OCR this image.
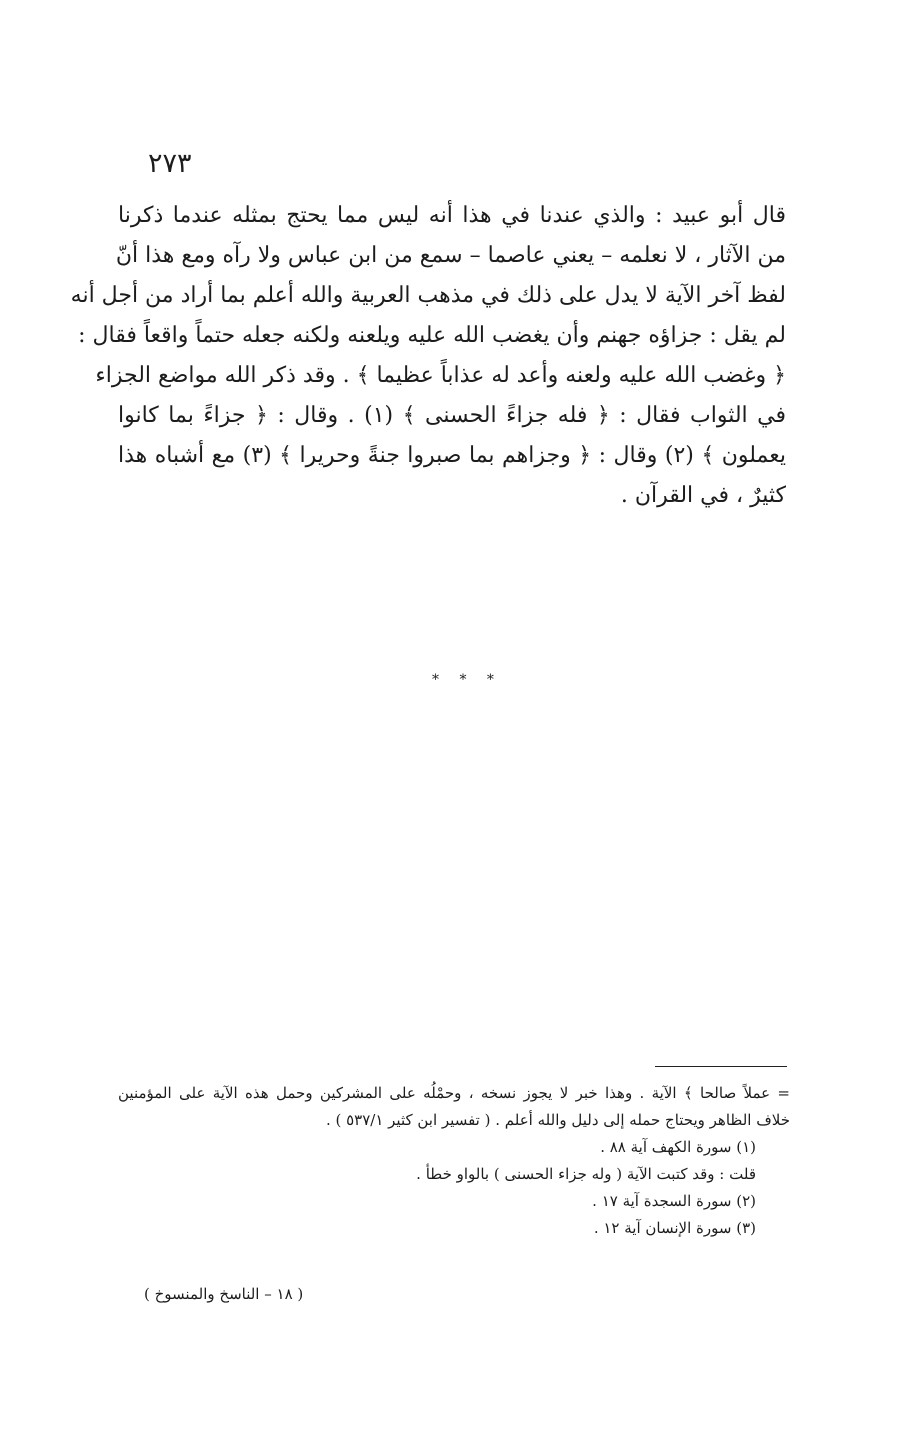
٢٧٣
قال أبو عبيد : والذي عندنا في هذا أنه ليس مما يحتج بمثله عندما ذكرنا
من الآثار ، لا نعلمه – يعني عاصما – سمع من ابن عباس ولا رآه ومع هذا أنّ
لفظ آخر الآية لا يدل على ذلك في مذهب العربية والله أعلم بما أراد من أجل أنه
لم يقل : جزاؤه جهنم وأن يغضب الله عليه ويلعنه ولكنه جعله حتماً واقعاً فقال :
﴿ وغضب الله عليه ولعنه وأعد له عذاباً عظيما ﴾ . وقد ذكر الله مواضع الجزاء
في الثواب فقال : ﴿ فله جزاءً الحسنى ﴾ (١) . وقال : ﴿ جزاءً بما كانوا
يعملون ﴾ (٢) وقال : ﴿ وجزاهم بما صبروا جنةً وحريرا ﴾ (٣) مع أشباه هذا
كثيرٌ ، في القرآن .
* * *
= عملاً صالحا ﴾ الآية . وهذا خبر لا يجوز نسخه ، وحمْلُه على المشركين وحمل هذه الآية على المؤمنين
خلاف الظاهر ويحتاج حمله إلى دليل والله أعلم . ( تفسير ابن كثير ٥٣٧/١ ) .
(١) سورة الكهف آية ٨٨ .
قلت : وقد كتبت الآية ( وله جزاء الحسنى ) بالواو خطأ .
(٢) سورة السجدة آية ١٧ .
(٣) سورة الإنسان آية ١٢ .
( ١٨ – الناسخ والمنسوخ )
